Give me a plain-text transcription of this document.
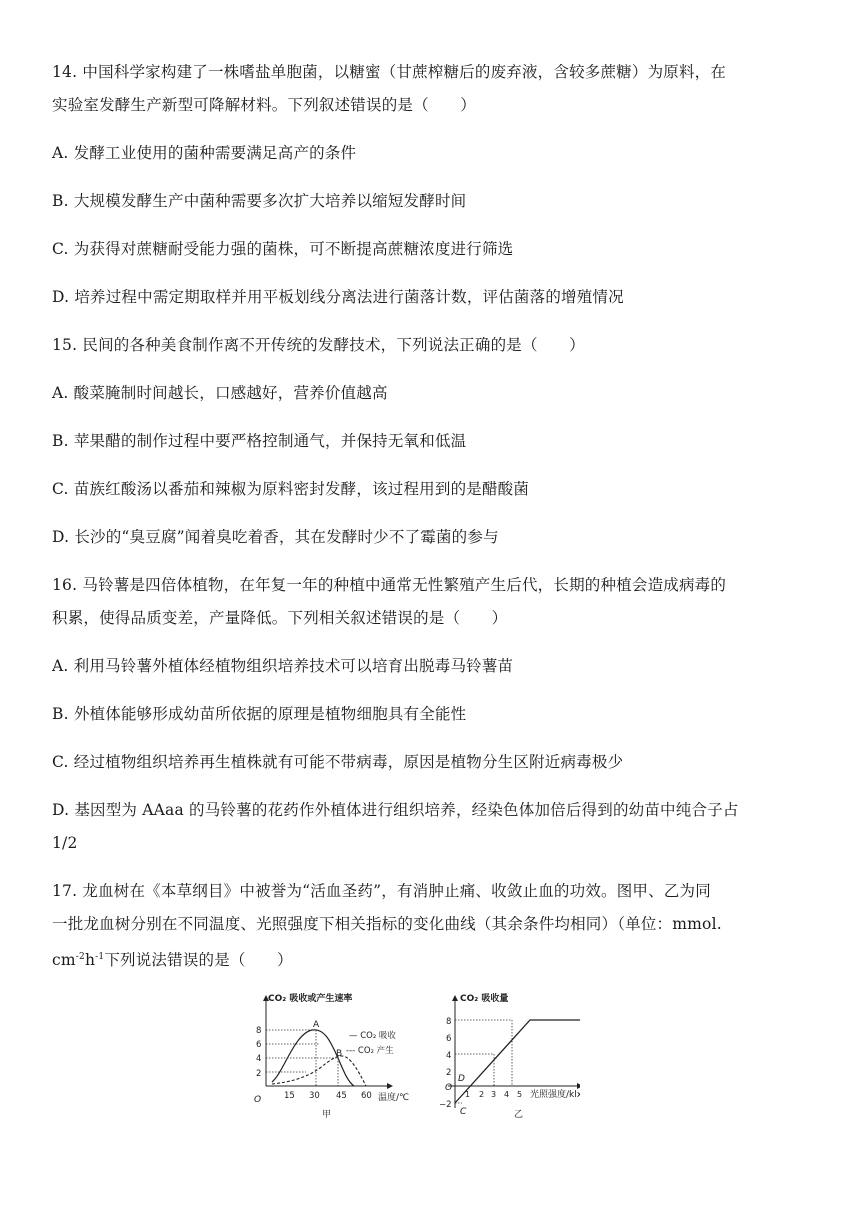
14. 中国科学家构建了一株嗜盐单胞菌，以糖蜜（甘蔗榨糖后的废弃液，含较多蔗糖）为原料，在
实验室发酵生产新型可降解材料。下列叙述错误的是（　　）
A. 发酵工业使用的菌种需要满足高产的条件
B. 大规模发酵生产中菌种需要多次扩大培养以缩短发酵时间
C. 为获得对蔗糖耐受能力强的菌株，可不断提高蔗糖浓度进行筛选
D. 培养过程中需定期取样并用平板划线分离法进行菌落计数，评估菌落的增殖情况
15. 民间的各种美食制作离不开传统的发酵技术，下列说法正确的是（　　）
A. 酸菜腌制时间越长，口感越好，营养价值越高
B. 苹果醋的制作过程中要严格控制通气，并保持无氧和低温
C. 苗族红酸汤以番茄和辣椒为原料密封发酵，该过程用到的是醋酸菌
D. 长沙的“臭豆腐”闻着臭吃着香，其在发酵时少不了霉菌的参与
16. 马铃薯是四倍体植物，在年复一年的种植中通常无性繁殖产生后代，长期的种植会造成病毒的
积累，使得品质变差，产量降低。下列相关叙述错误的是（　　）
A. 利用马铃薯外植体经植物组织培养技术可以培育出脱毒马铃薯苗
B. 外植体能够形成幼苗所依据的原理是植物细胞具有全能性
C. 经过植物组织培养再生植株就有可能不带病毒，原因是植物分生区附近病毒极少
D. 基因型为 AAaa 的马铃薯的花药作外植体进行组织培养，经染色体加倍后得到的幼苗中纯合子占
1/2
17. 龙血树在《本草纲目》中被誉为“活血圣药”，有消肿止痛、收敛止血的功效。图甲、乙为同
一批龙血树分别在不同温度、光照强度下相关指标的变化曲线（其余条件均相同）（单位：mmol.
$cm^{-2}h^{-1}$下列说法错误的是（　　）
CO₂ 吸收或产生速率
O
8
6
4
2
15 30 45 60 温度/℃
A
B
— CO₂ 吸收
--- CO₂ 产生
甲
CO₂ 吸收量
O
8
6
4
2
−2
1 2 3 4 5 光照强度/klx
D
C	乙
